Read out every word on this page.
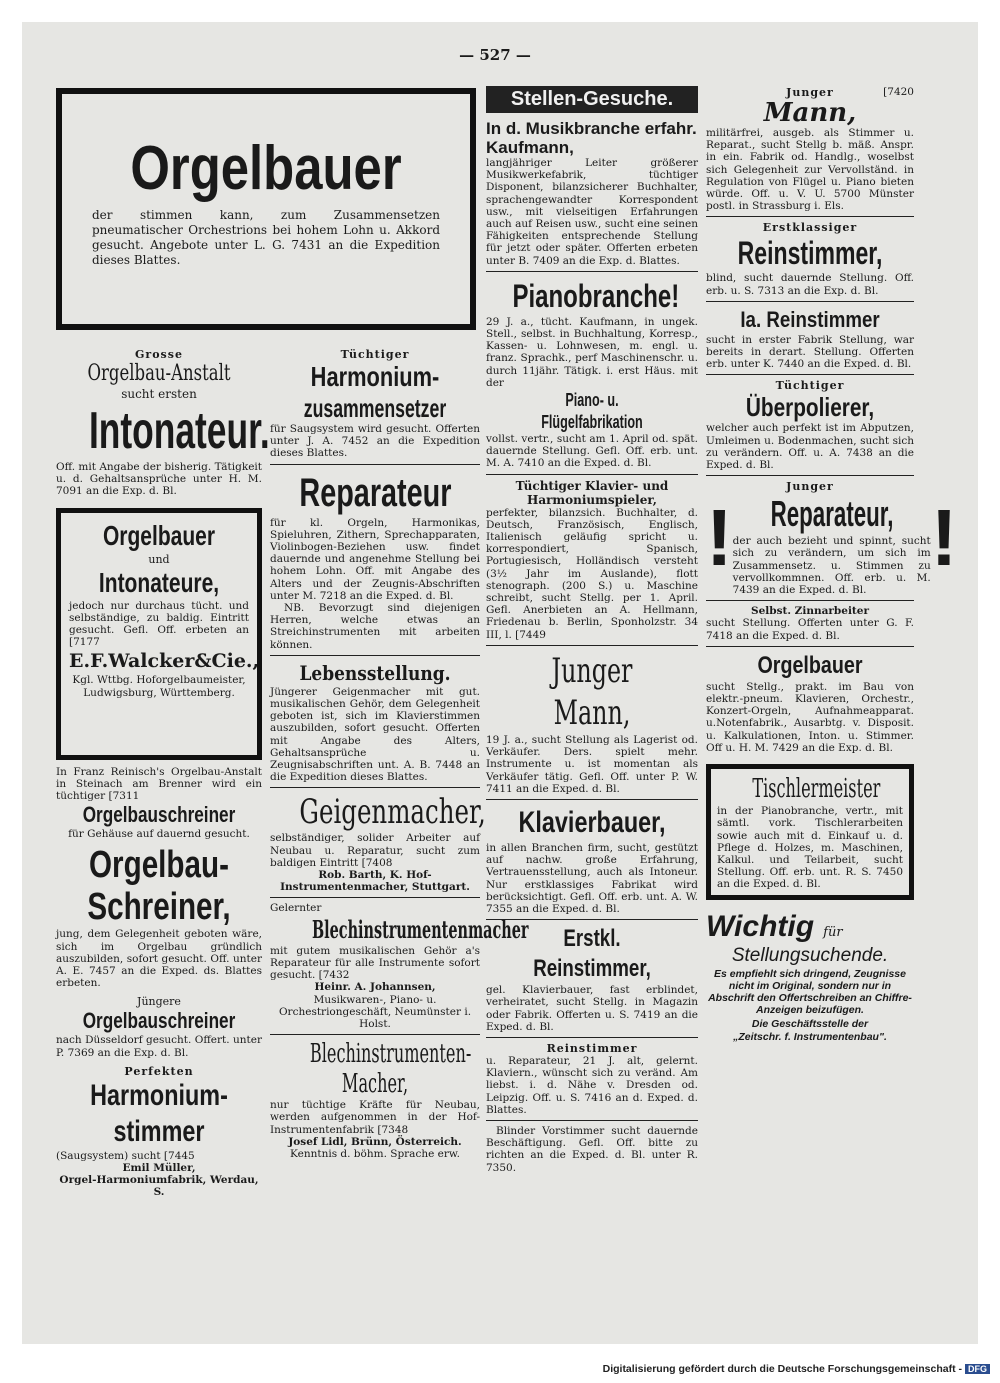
— 527 —
Orgelbauer
der stimmen kann, zum Zusammensetzen pneumatischer Orchestrions bei hohem Lohn u. Akkord gesucht. Angebote unter L. G. 7431 an die Expedition dieses Blattes.
Grosse
Orgelbau-Anstalt
sucht ersten
Intonateur.
Off. mit Angabe der bisherig. Tätigkeit u. d. Gehaltsansprüche unter H. M. 7091 an die Exp. d. Bl.
Orgelbauer
und
Intonateure,
jedoch nur durchaus tücht. und selbständige, zu baldig. Eintritt gesucht. Gefl. Off. erbeten an [7177
E.F.Walcker&Cie.,
Kgl. Wttbg. Hoforgelbaumeister, Ludwigsburg, Württemberg.
In Franz Reinisch's Orgelbau-Anstalt in Steinach am Brenner wird ein tüchtiger [7311
Orgelbauschreiner
für Gehäuse auf dauernd gesucht.
Orgelbau-Schreiner,
jung, dem Gelegenheit geboten wäre, sich im Orgelbau gründlich auszubilden, sofort gesucht. Off. unter A. E. 7457 an die Exped. ds. Blattes erbeten.
Jüngere
Orgelbauschreiner
nach Düsseldorf gesucht. Offert. unter P. 7369 an die Exp. d. Bl.
Perfekten
Harmonium-stimmer
(Saugsystem) sucht [7445
Emil Müller,
Orgel-Harmoniumfabrik, Werdau, S.
Tüchtiger
Harmonium-
zusammensetzer
für Saugsystem wird gesucht. Offerten unter J. A. 7452 an die Expedition dieses Blattes.
Reparateur
für kl. Orgeln, Harmonikas, Spieluhren, Zithern, Sprechapparaten, Violinbogen-Beziehen usw. findet dauernde und angenehme Stellung bei hohem Lohn. Off. mit Angabe des Alters und der Zeugnis-Abschriften unter M. 7218 an die Exped. d. Bl.
NB. Bevorzugt sind diejenigen Herren, welche etwas an Streichinstrumenten mit arbeiten können.
Lebensstellung.
Jüngerer Geigenmacher mit gut. musikalischen Gehör, dem Gelegenheit geboten ist, sich im Klavierstimmen auszubilden, sofort gesucht. Offerten mit Angabe des Alters, Gehaltsansprüche u. Zeugnisabschriften unt. A. B. 7448 an die Expedition dieses Blattes.
Geigenmacher,
selbständiger, solider Arbeiter auf Neubau u. Reparatur, sucht zum baldigen Eintritt [7408
Rob. Barth, K. Hof-Instrumentenmacher, Stuttgart.
Gelernter
Blechinstrumentenmacher
mit gutem musikalischen Gehör a's Reparateur für alle Instrumente sofort gesucht. [7432
Heinr. A. Johannsen,
Musikwaren-, Piano- u. Orchestriongeschäft, Neumünster i. Holst.
Blechinstrumenten-
Macher,
nur tüchtige Kräfte für Neubau, werden aufgenommen in der Hof-Instrumentenfabrik [7348
Josef Lidl, Brünn, Österreich.
Kenntnis d. böhm. Sprache erw.
Stellen-Gesuche.
In d. Musikbranche erfahr. Kaufmann,
langjähriger Leiter größerer Musikwerkefabrik, tüchtiger Disponent, bilanzsicherer Buchhalter, sprachengewandter Korrespondent usw., mit vielseitigen Erfahrungen auch auf Reisen usw., sucht eine seinen Fähigkeiten entsprechende Stellung für jetzt oder später. Offerten erbeten unter B. 7409 an die Exp. d. Blattes.
Pianobranche!
29 J. a., tücht. Kaufmann, in ungek. Stell., selbst. in Buchhaltung, Korresp., Kassen- u. Lohnwesen, m. engl. u. franz. Sprachk., perf Maschinenschr. u. durch 11jähr. Tätigk. i. erst Häus. mit der
Piano- u. Flügelfabrikation
vollst. vertr., sucht am 1. April od. spät. dauernde Stellung. Gefl. Off. erb. unt. M. A. 7410 an die Exped. d. Bl.
Tüchtiger Klavier- und Harmoniumspieler,
perfekter, bilanzsich. Buchhalter, d. Deutsch, Französisch, Englisch, Italienisch geläufig spricht u. korrespondiert, Spanisch, Portugiesisch, Holländisch versteht (3½ Jahr im Auslande), flott stenograph. (200 S.) u. Maschine schreibt, sucht Stellg. per 1. April. Gefl. Anerbieten an A. Hellmann, Friedenau b. Berlin, Sponholzstr. 34 III, l. [7449
Junger Mann,
19 J. a., sucht Stellung als Lagerist od. Verkäufer. Ders. spielt mehr. Instrumente u. ist momentan als Verkäufer tätig. Gefl. Off. unter P. W. 7411 an die Exped. d. Bl.
Klavierbauer,
in allen Branchen firm, sucht, gestützt auf nachw. große Erfahrung, Vertrauensstellung, auch als Intoneur. Nur erstklassiges Fabrikat wird berücksichtigt. Gefl. Off. erb. unt. A. W. 7355 an die Exped. d. Bl.
Erstkl. Reinstimmer,
gel. Klavierbauer, fast erblindet, verheiratet, sucht Stellg. in Magazin oder Fabrik. Offerten u. S. 7419 an die Exped. d. Bl.
Reinstimmer
u. Reparateur, 21 J. alt, gelernt. Klaviern., wünscht sich zu veränd. Am liebst. i. d. Nähe v. Dresden od. Leipzig. Off. u. S. 7416 an d. Exped. d. Blattes.
Blinder Vorstimmer sucht dauernde Beschäftigung. Gefl. Off. bitte zu richten an die Exped. d. Bl. unter R. 7350.
Junger	[7420
Mann,
militärfrei, ausgeb. als Stimmer u. Reparat., sucht Stellg b. mäß. Anspr. in ein. Fabrik od. Handlg., woselbst sich Gelegenheit zur Vervollständ. in Regulation von Flügel u. Piano bieten würde. Off. u. V. U. 5700 Münster postl. in Strassburg i. Els.
Erstklassiger
Reinstimmer,
blind, sucht dauernde Stellung. Off. erb. u. S. 7313 an die Exp. d. Bl.
Ia. Reinstimmer
sucht in erster Fabrik Stellung, war bereits in derart. Stellung. Offerten erb. unter K. 7440 an die Exped. d. Bl.
Tüchtiger
Überpolierer,
welcher auch perfekt ist im Abputzen, Umleimen u. Bodenmachen, sucht sich zu verändern. Off. u. A. 7438 an die Exped. d. Bl.
Junger
! Reparateur,
der auch bezieht und spinnt, sucht sich zu verändern, um sich im Zusammensetz. u. Stimmen zu vervollkommnen. Off. erb. u. M. 7439 an die Exped. d. Bl.
!
Selbst. Zinnarbeiter
sucht Stellung. Offerten unter G. F. 7418 an die Exped. d. Bl.
Orgelbauer
sucht Stellg., prakt. im Bau von elektr.-pneum. Klavieren, Orchestr., Konzert-Orgeln, Aufnahmeapparat. u.Notenfabrik., Ausarbtg. v. Disposit. u. Kalkulationen, Inton. u. Stimmer. Off u. H. M. 7429 an die Exp. d. Bl.
Tischlermeister
in der Pianobranche, vertr., mit sämtl. vork. Tischlerarbeiten sowie auch mit d. Einkauf u. d. Pflege d. Holzes, m. Maschinen, Kalkul. und Teilarbeit, sucht Stellung. Off. erb. unt. R. S. 7450 an die Exped. d. Bl.
Wichtig für
Stellungsuchende.
Es empfiehlt sich dringend, Zeugnisse nicht im Original, sondern nur in Abschrift den Offertschreiben an Chiffre-Anzeigen beizufügen.
Die Geschäftsstelle der
„Zeitschr. f. Instrumentenbau".
Digitalisierung gefördert durch die Deutsche Forschungsgemeinschaft - DFG
